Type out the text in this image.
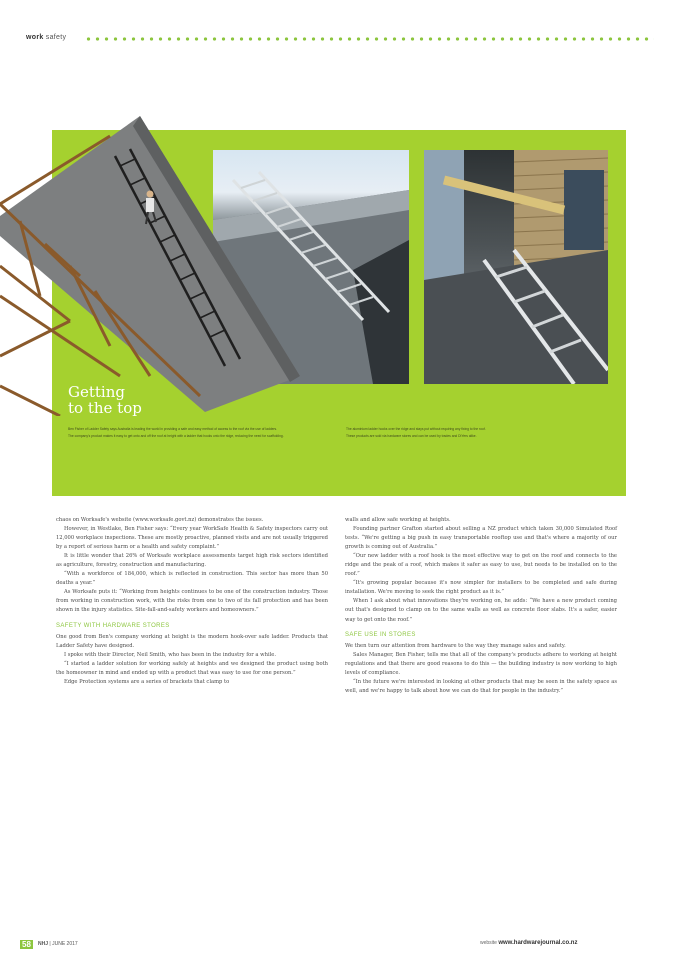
work safety
Getting
to the top

Ben Fisher of Ladder Safety says Australia is leading the world in providing a safe and easy method of access to the roof via the use of ladders.

The company's product makes it easy to get onto and off the roof at height with a ladder that hooks onto the ridge, reducing the need for scaffolding.

The aluminium ladder hooks over the ridge and stays put without requiring any fixing to the roof.

These products are sold via hardware stores and can be used by trades and DIYers alike.

chaos on Worksafe's website (www.worksafe.govt.nz) demonstrates the issues.

However, in Westlake, Ben Fisher says: “Every year WorkSafe Health & Safety inspectors carry out 12,000 workplace inspections. These are mostly proactive, planned visits and are not usually triggered by a report of serious harm or a health and safety complaint.”

It is little wonder that 26% of Worksafe workplace assessments target high risk sectors identified as agriculture, forestry, construction and manufacturing.

“With a workforce of 184,000, which is reflected in construction. This sector has more than 50 deaths a year.”

As Worksafe puts it: “Working from heights continues to be one of the construction industry. Those from working in construction work, with the risks from one to two of its fall protection and has been shown in the injury statistics. Site-fall-and-safety workers and homeowners.”

SAFETY WITH HARDWARE STORES

One good from Ben's company working at height is the modern hook-over safe ladder. Products that Ladder Safety have designed.

I spoke with their Director, Neil Smith, who has been in the industry for a while.

“I started a ladder solution for working safely at heights and we designed the product using both the homeowner in mind and ended up with a product that was easy to use for one person.”

Edge Protection systems are a series of brackets that clamp to

walls and allow safe working at heights.

Founding partner Grafton started about selling a NZ product which taken 30,000 Simulated Roof tests. “We're getting a big push in easy transportable rooftop use and that's where a majority of our growth is coming out of Australia.”

“Our new ladder with a roof hook is the most effective way to get on the roof and connects to the ridge and the peak of a roof, which makes it safer as easy to use, but needs to be installed on to the roof.”

“It's growing popular because it's now simpler for installers to be completed and safe during installation. We're moving to seek the right product as it is.”

When I ask about what innovations they're working on, he adds: “We have a new product coming out that's designed to clamp on to the same walls as well as concrete floor slabs. It's a safer, easier way to get onto the roof.”

SAFE USE IN STORES

We then turn our attention from hardware to the way they manage sales and safety.

Sales Manager, Ben Fisher, tells me that all of the company's products adhere to working at height regulations and that there are good reasons to do this — the building industry is now working to high levels of compliance.

“In the future we're interested in looking at other products that may be seen in the safety space as well, and we're happy to talk about how we can do that for people in the industry.”

58	NHJ | JUNE 2017	website www.hardwarejournal.co.nz
